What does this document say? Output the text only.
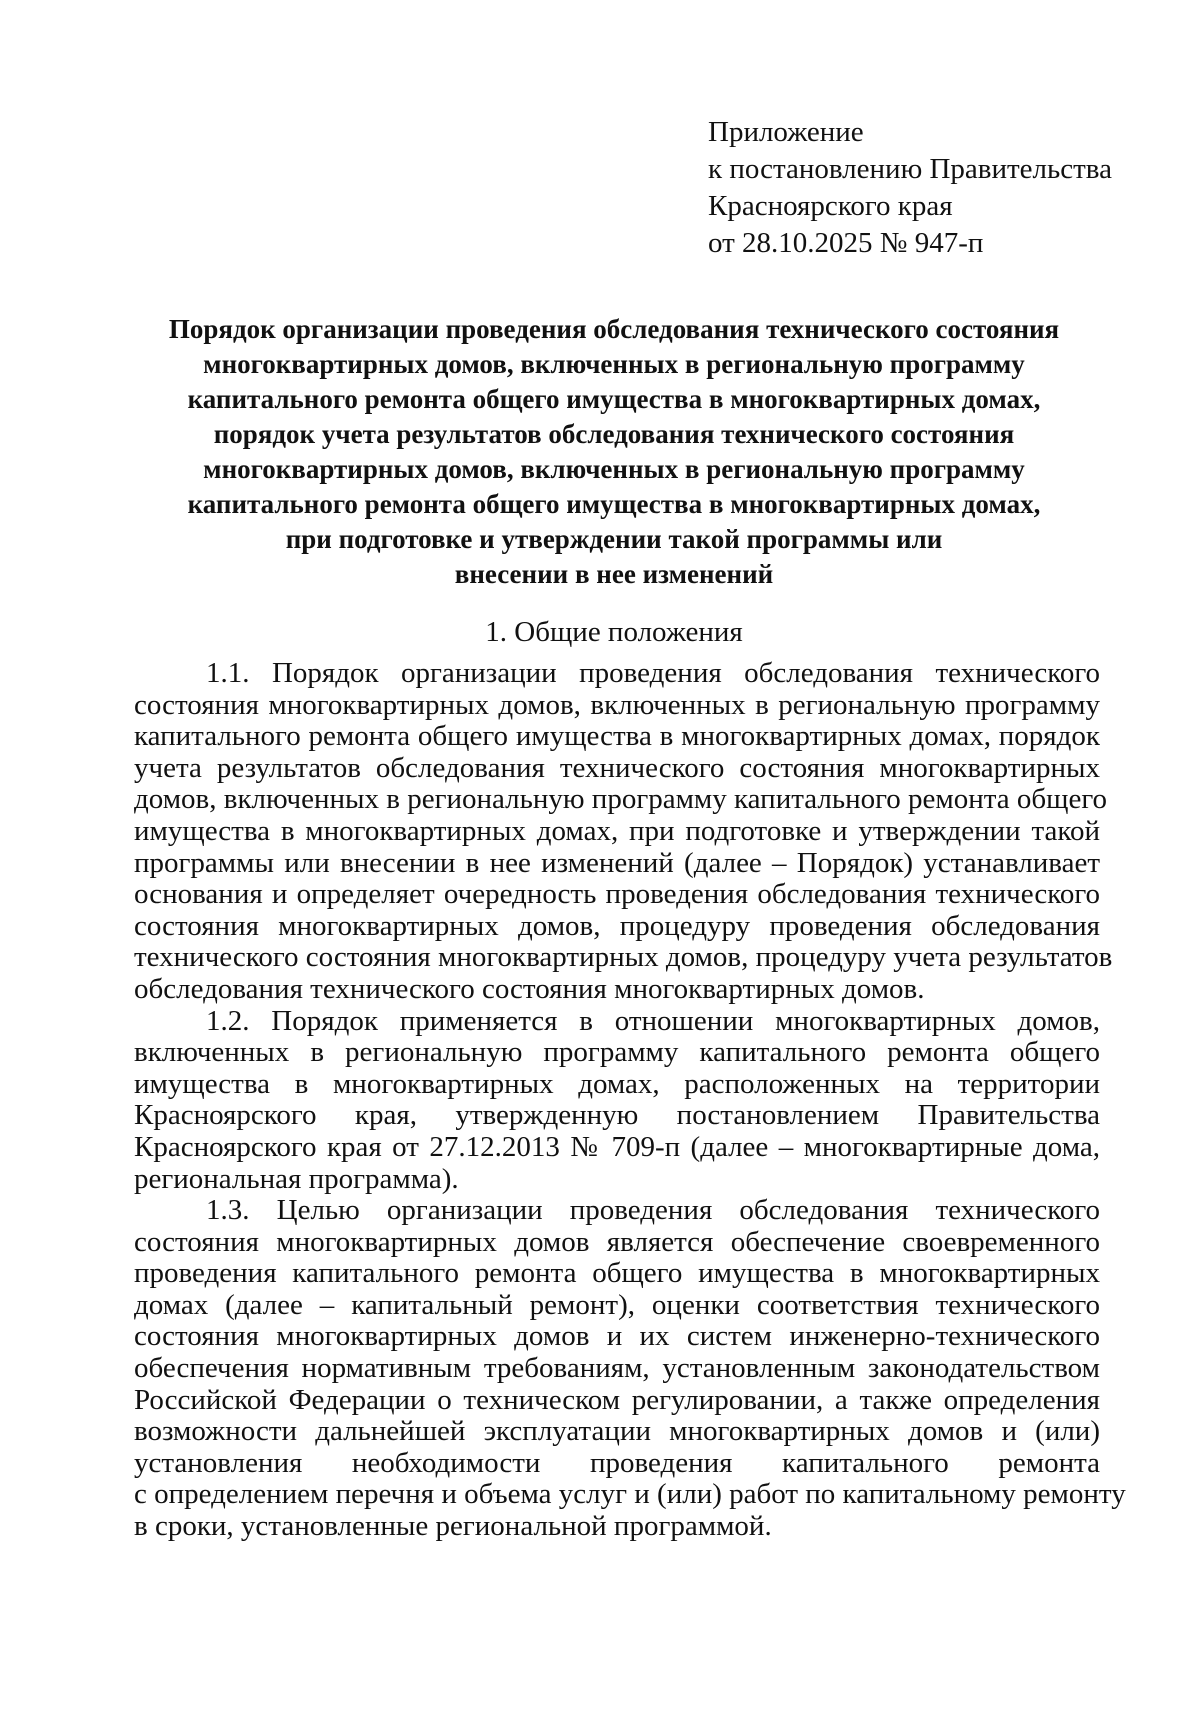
Приложение
к постановлению Правительства
Красноярского края
от 28.10.2025 № 947-п
Порядок организации проведения обследования технического состояния
многоквартирных домов, включенных в региональную программу
капитального ремонта общего имущества в многоквартирных домах,
порядок учета результатов обследования технического состояния
многоквартирных домов, включенных в региональную программу
капитального ремонта общего имущества в многоквартирных домах,
при подготовке и утверждении такой программы или
внесении в нее изменений
1. Общие положения
1.1. Порядок организации проведения обследования технического
состояния многоквартирных домов, включенных в региональную программу
капитального ремонта общего имущества в многоквартирных домах, порядок
учета результатов обследования технического состояния многоквартирных
домов, включенных в региональную программу капитального ремонта общего
имущества в многоквартирных домах, при подготовке и утверждении такой
программы или внесении в нее изменений (далее – Порядок) устанавливает
основания и определяет очередность проведения обследования технического
состояния многоквартирных домов, процедуру проведения обследования
технического состояния многоквартирных домов, процедуру учета результатов
обследования технического состояния многоквартирных домов.
1.2. Порядок применяется в отношении многоквартирных домов,
включенных в региональную программу капитального ремонта общего
имущества в многоквартирных домах, расположенных на территории
Красноярского края, утвержденную постановлением Правительства
Красноярского края от 27.12.2013 № 709-п (далее – многоквартирные дома,
региональная программа).
1.3. Целью организации проведения обследования технического
состояния многоквартирных домов является обеспечение своевременного
проведения капитального ремонта общего имущества в многоквартирных
домах (далее – капитальный ремонт), оценки соответствия технического
состояния многоквартирных домов и их систем инженерно-технического
обеспечения нормативным требованиям, установленным законодательством
Российской Федерации о техническом регулировании, а также определения
возможности дальнейшей эксплуатации многоквартирных домов и (или)
установления необходимости проведения капитального ремонта
с определением перечня и объема услуг и (или) работ по капитальному ремонту
в сроки, установленные региональной программой.
